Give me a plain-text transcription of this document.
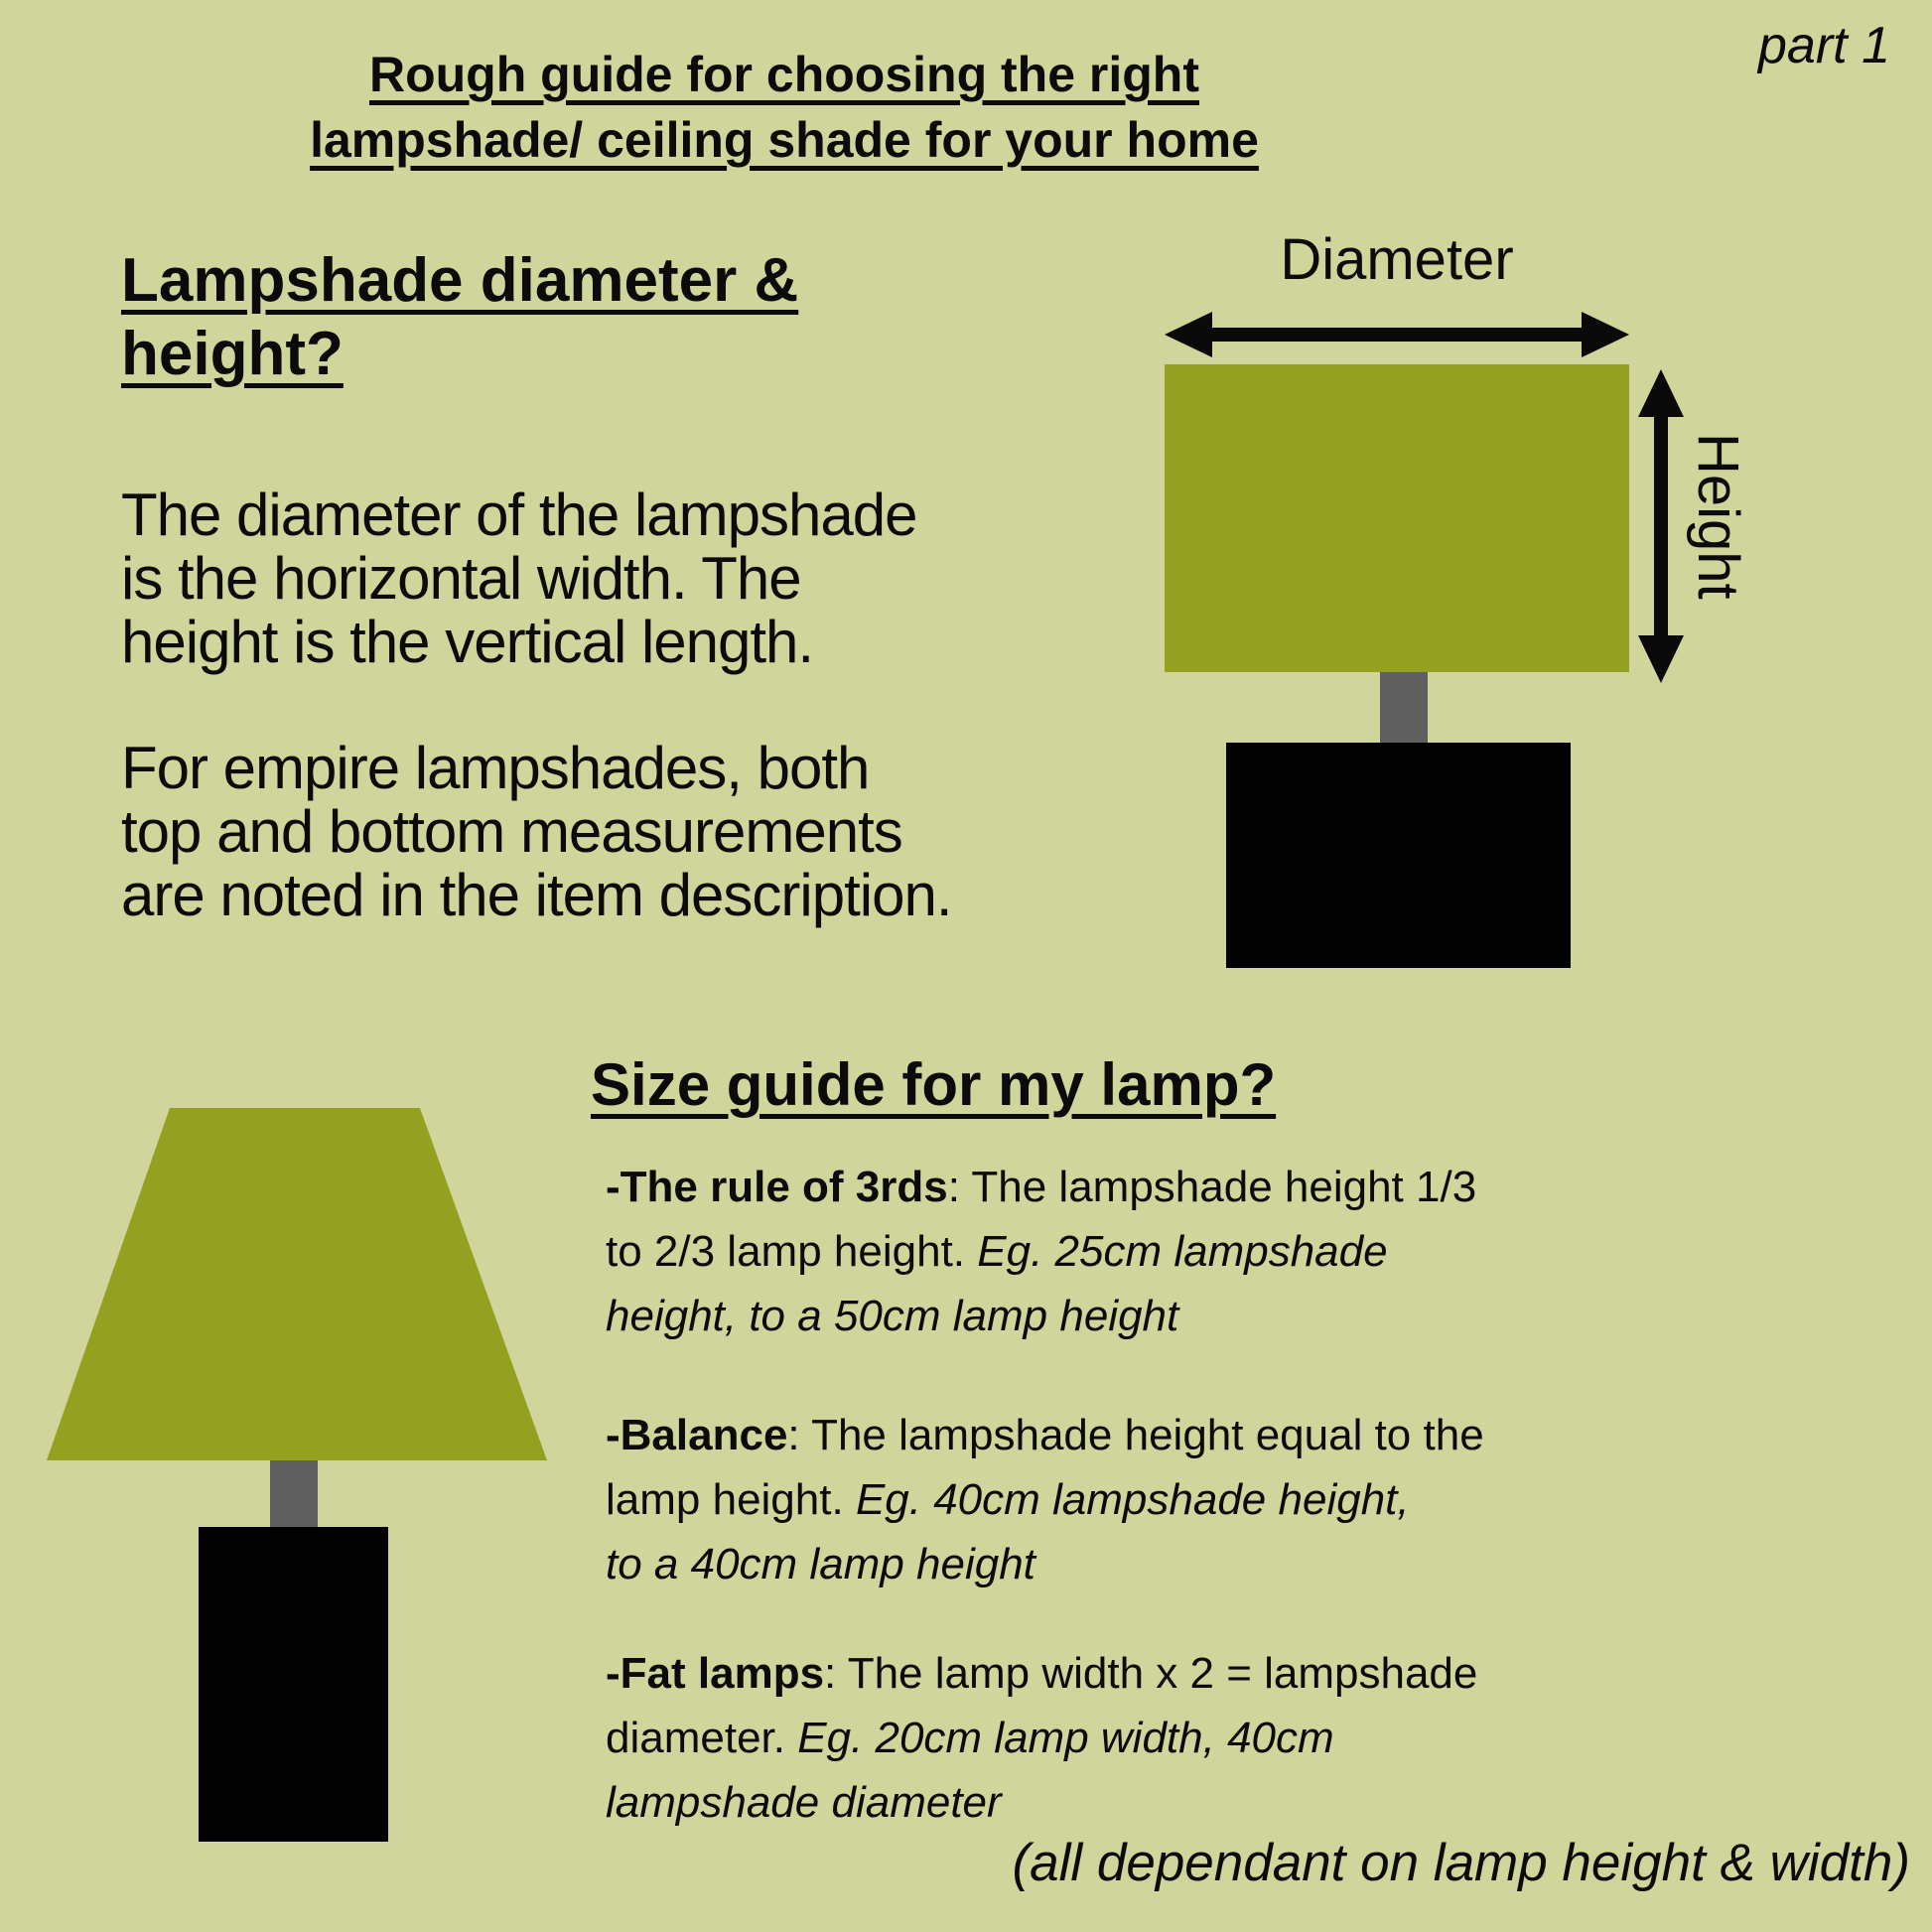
part 1
Rough guide for choosing the right
lampshade/ ceiling shade for your home
Lampshade diameter &
height?
The diameter of the lampshade
is the horizontal width. The
height is the vertical length.
For empire lampshades, both
top and bottom measurements
are noted in the item description.
Diameter
Height
Size guide for my lamp?
-The rule of 3rds: The lampshade height 1/3
to 2/3 lamp height. Eg. 25cm lampshade
height, to a 50cm lamp height
-Balance: The lampshade height equal to the
lamp height. Eg. 40cm lampshade height,
to a 40cm lamp height
-Fat lamps: The lamp width x 2 = lampshade
diameter. Eg. 20cm lamp width, 40cm
lampshade diameter
(all dependant on lamp height & width)
